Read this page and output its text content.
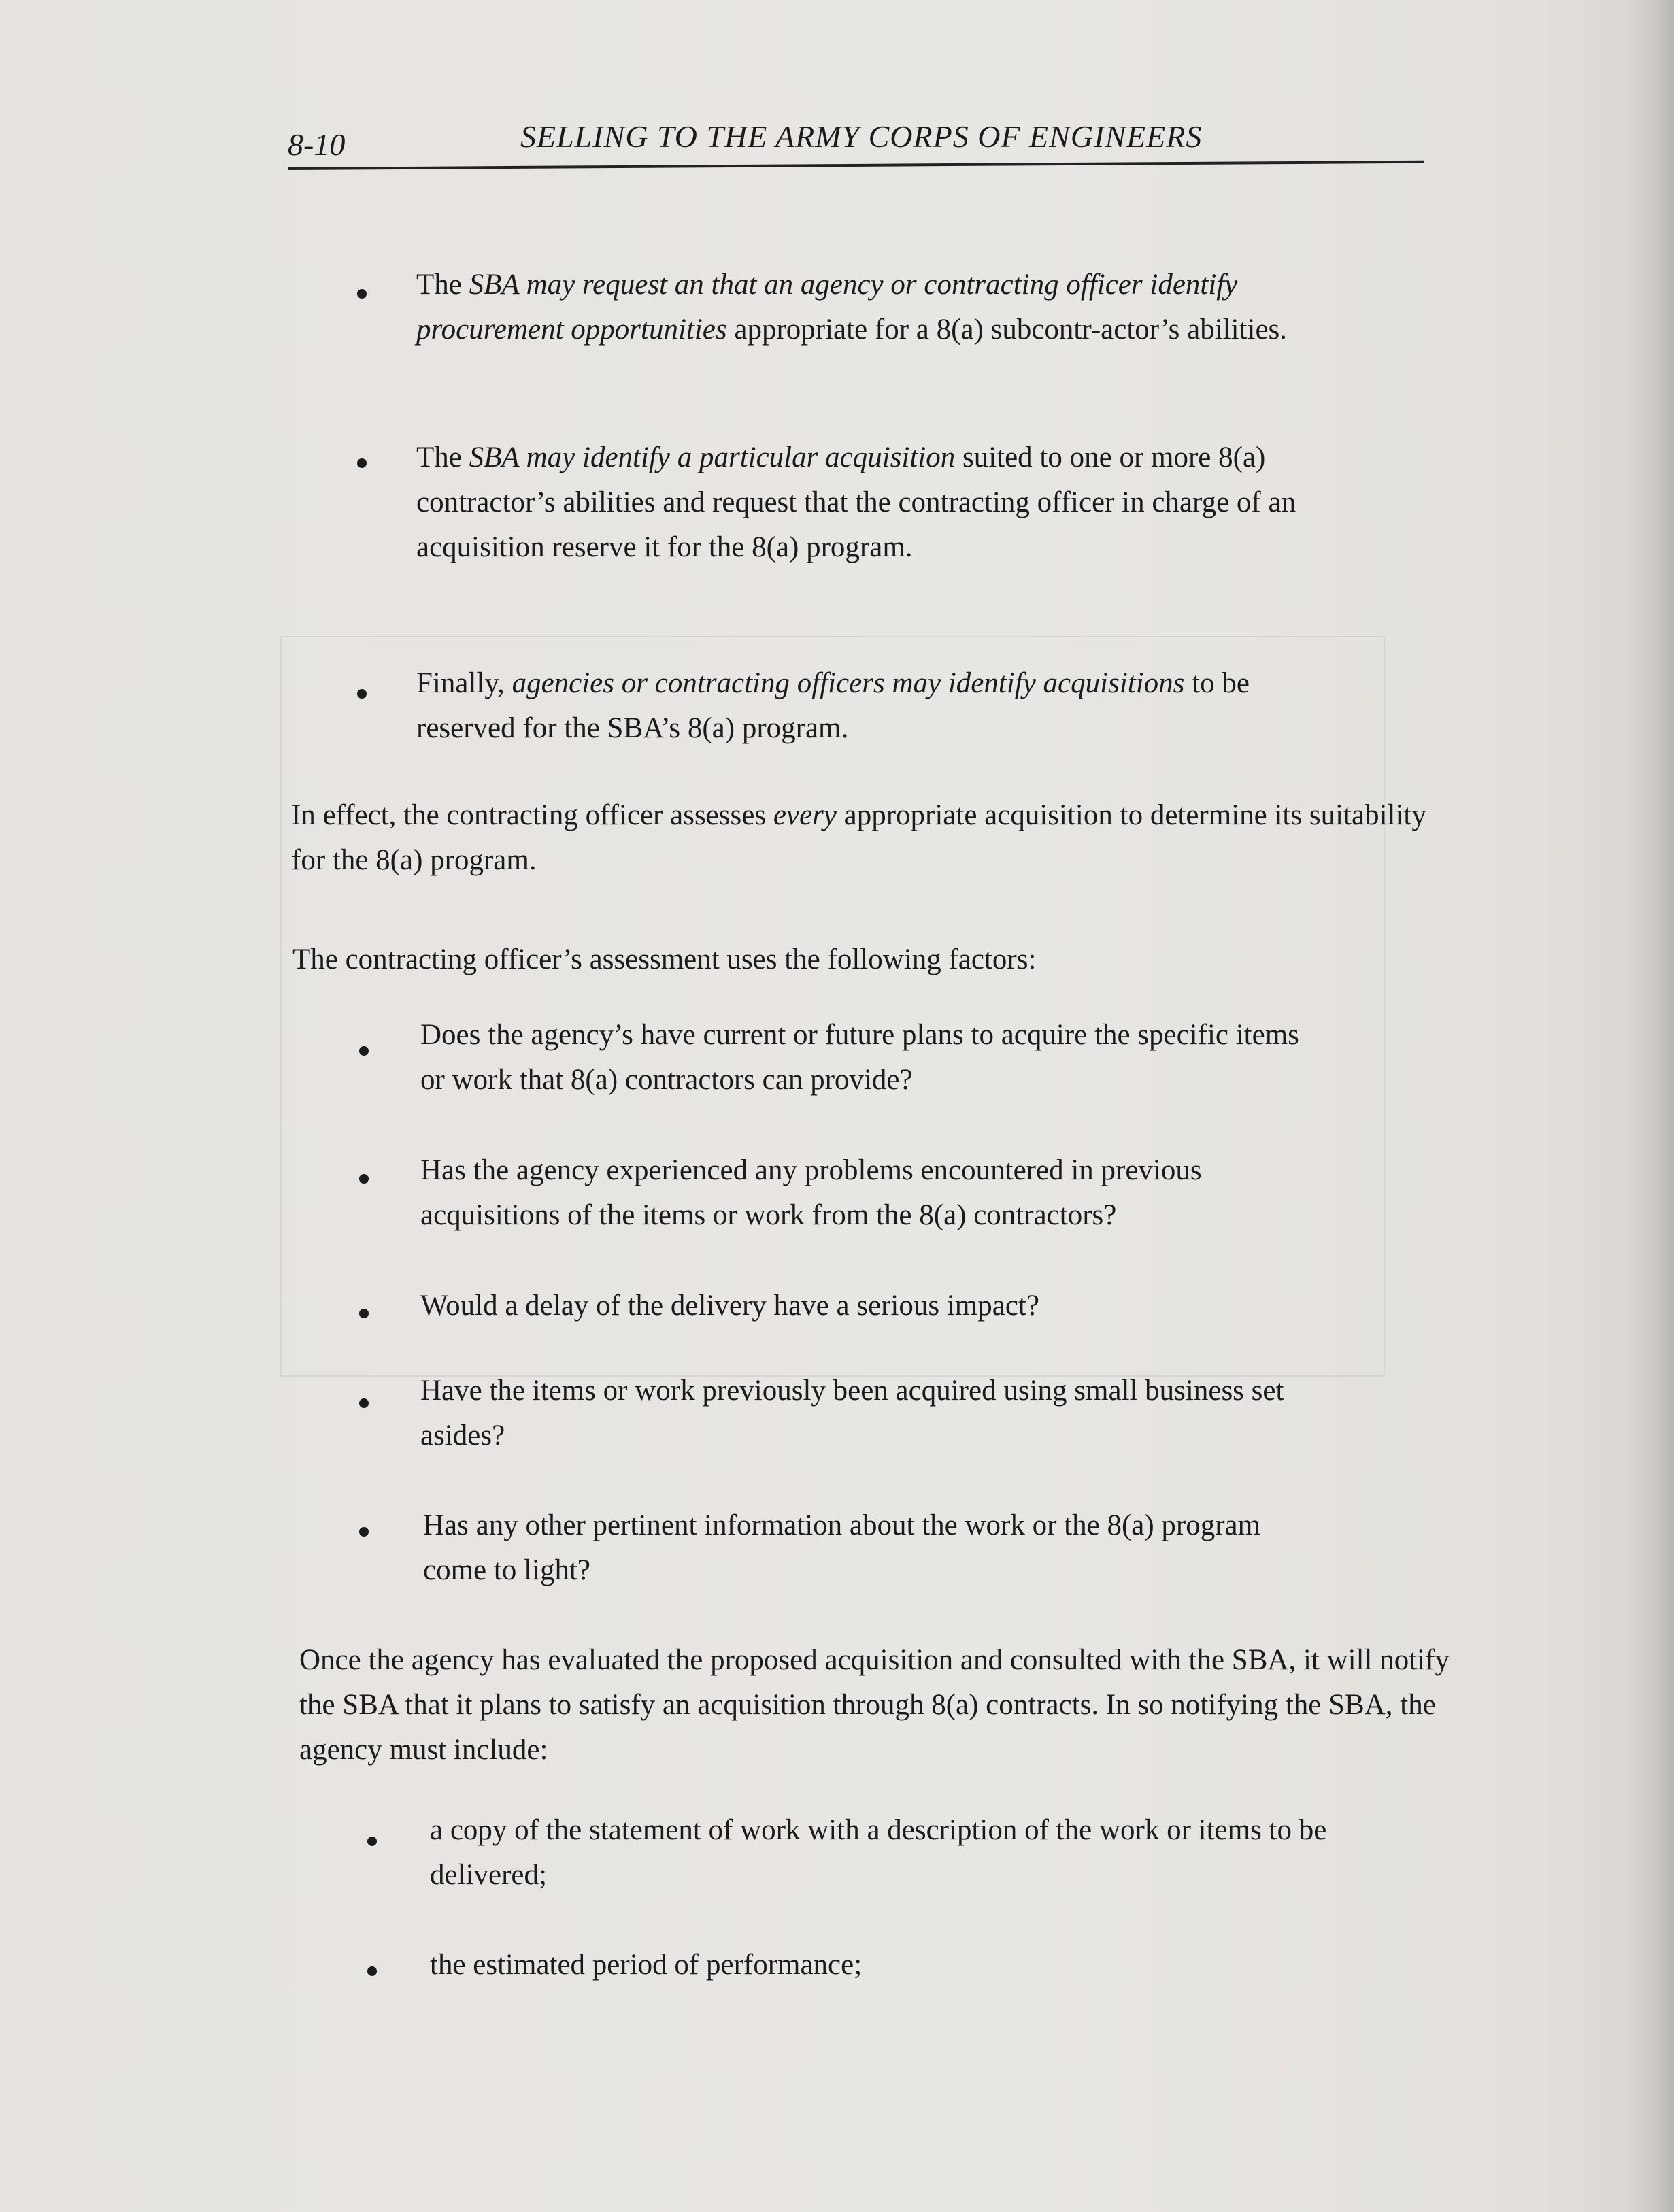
8-10	SELLING TO THE ARMY CORPS OF ENGINEERS
The SBA may request an that an agency or contracting officer identify procurement opportunities appropriate for a 8(a) subcontr-actor’s abilities.
The SBA may identify a particular acquisition suited to one or more 8(a) contractor’s abilities and request that the contracting officer in charge of an acquisition reserve it for the 8(a) program.
Finally, agencies or contracting officers may identify acquisitions to be reserved for the SBA’s 8(a) program.

In effect, the contracting officer assesses every appropriate acquisition to determine its suitability for the 8(a) program.

The contracting officer’s assessment uses the following factors:

Does the agency’s have current or future plans to acquire the specific items or work that 8(a) contractors can provide?
Has the agency experienced any problems encountered in previous acquisitions of the items or work from the 8(a) contractors?
Would a delay of the delivery have a serious impact?
Have the items or work previously been acquired using small business set asides?
Has any other pertinent information about the work or the 8(a) program come to light?

Once the agency has evaluated the proposed acquisition and consulted with the SBA, it will notify the SBA that it plans to satisfy an acquisition through 8(a) contracts. In so notifying the SBA, the agency must include:

a copy of the statement of work with a description of the work or items to be delivered;
the estimated period of performance;
